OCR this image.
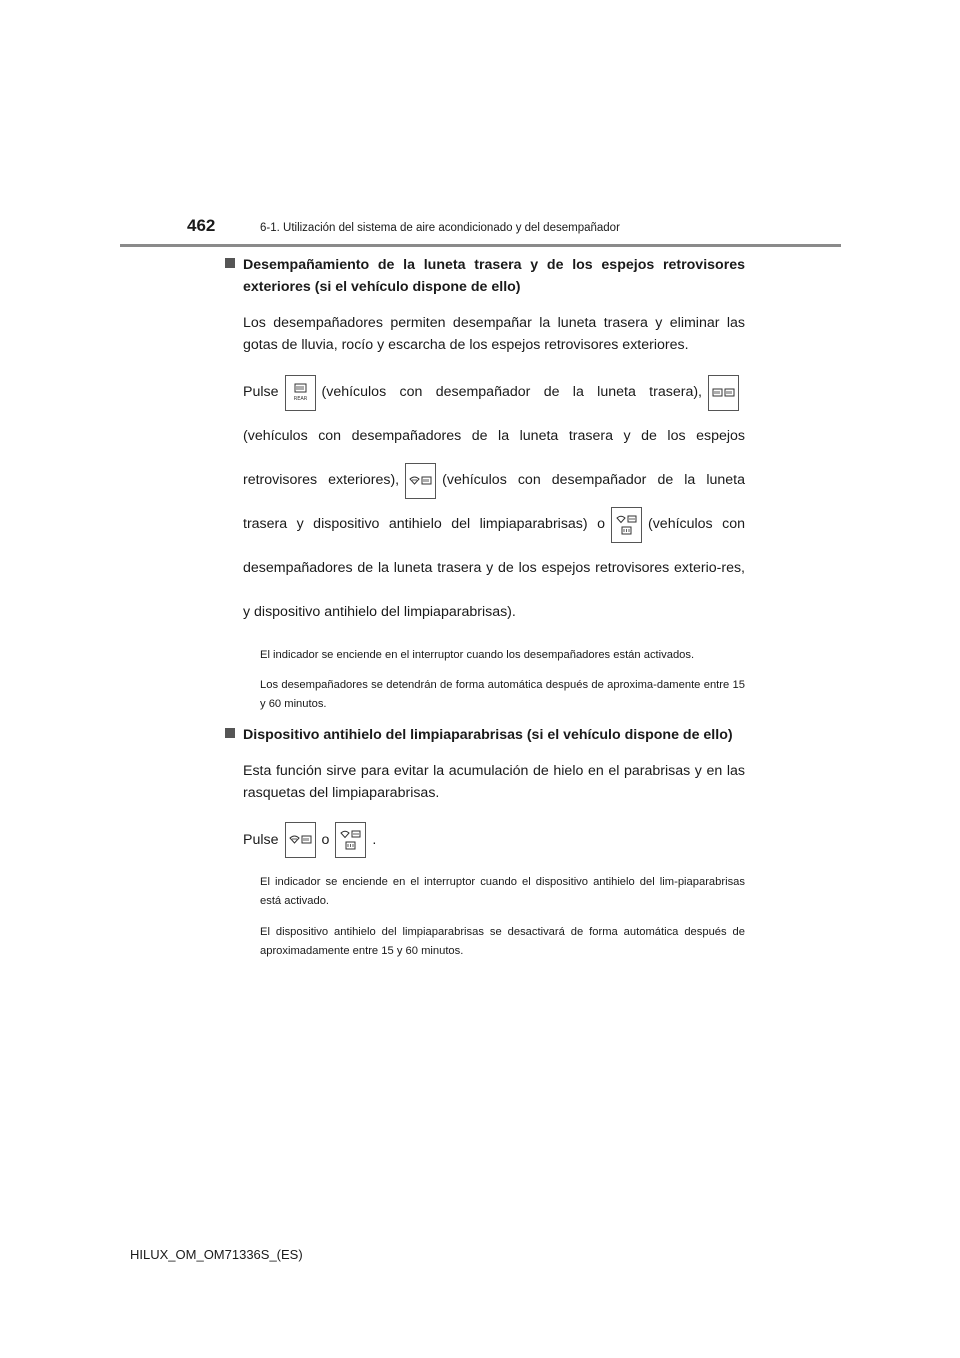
462	6-1. Utilización del sistema de aire acondicionado y del desempañador
Desempañamiento de la luneta trasera y de los espejos retrovisores exteriores (si el vehículo dispone de ello)

Los desempañadores permiten desempañar la luneta trasera y eliminar las gotas de lluvia, rocío y escarcha de los espejos retrovisores exteriores.

Pulse	REAR (vehículos con desempañador de la luneta trasera),
(vehículos con desempañadores de la luneta trasera y de los espejos retrovisores exteriores),	(vehículos con desempañador de la luneta trasera y dispositivo antihielo del limpiaparabrisas) o	(vehículos con desempañadores de la luneta trasera y de los espejos retrovisores exterio-res, y dispositivo antihielo del limpiaparabrisas).

El indicador se enciende en el interruptor cuando los desempañadores están activados.

Los desempañadores se detendrán de forma automática después de aproxima-damente entre 15 y 60 minutos.

Dispositivo antihielo del limpiaparabrisas (si el vehículo dispone de ello)

Esta función sirve para evitar la acumulación de hielo en el parabrisas y en las rasquetas del limpiaparabrisas.

Pulse	o	.

El indicador se enciende en el interruptor cuando el dispositivo antihielo del lim-piaparabrisas está activado.

El dispositivo antihielo del limpiaparabrisas se desactivará de forma automática después de aproximadamente entre 15 y 60 minutos.

HILUX_OM_OM71336S_(ES)
